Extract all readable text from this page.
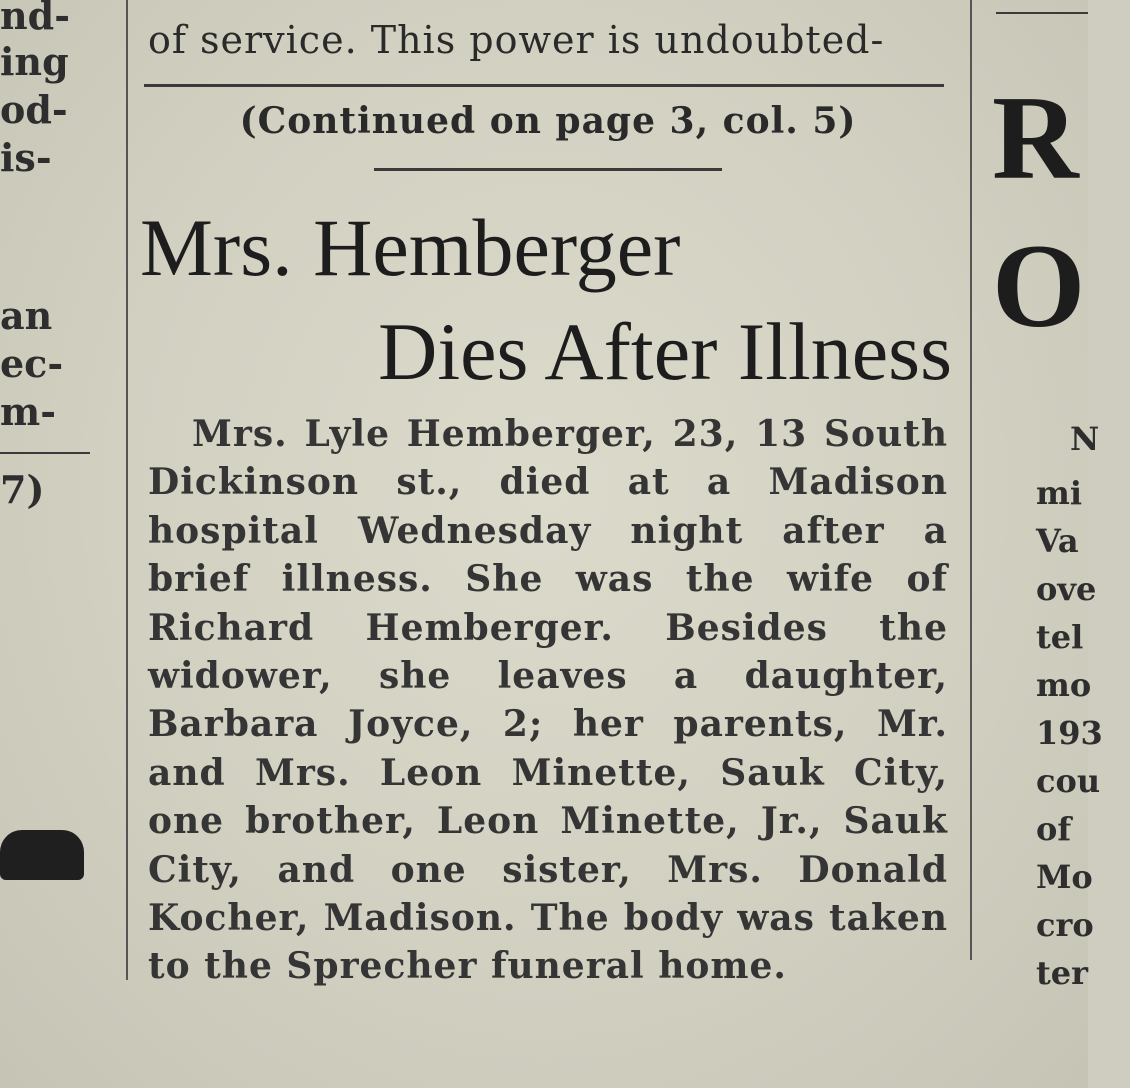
nd-
ing
od-
is-
an
ec-
m-
7)
of service. This power is undoubted-
(Continued on page 3, col. 5)
Mrs. Hemberger
Dies After Illness
Mrs. Lyle Hemberger, 23, 13 South Dickinson st., died at a Madison hospital Wednesday night after a brief illness. She was the wife of Richard Hemberger. Besides the widower, she leaves a daughter, Barbara Joyce, 2; her parents, Mr. and Mrs. Leon Minette, Sauk City, one brother, Leon Minette, Jr., Sauk City, and one sister, Mrs. Donald Kocher, Madison. The body was taken to the Sprecher funeral home.
R
O
N
mi
Va
ove
tel
mo
193
cou
of
Mo
cro
ter
